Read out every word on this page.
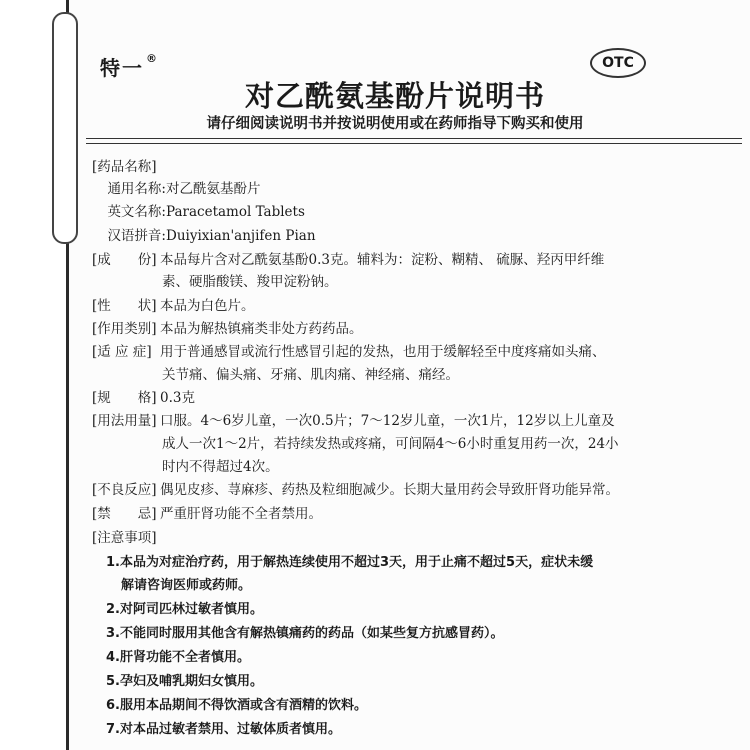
特一 ®	OTC
对乙酰氨基酚片说明书
请仔细阅读说明书并按说明使用或在药师指导下购买和使用
[药品名称]
通用名称:对乙酰氨基酚片
英文名称:Paracetamol Tablets
汉语拼音:Duiyixian'anjifen Pian
[成　　份] 本品每片含对乙酰氨基酚0.3克。辅料为：淀粉、糊精、 硫脲、羟丙甲纤维
素、硬脂酸镁、羧甲淀粉钠。
[性　　状] 本品为白色片。
[作用类别] 本品为解热镇痛类非处方药药品。
[适 应 症] 用于普通感冒或流行性感冒引起的发热，也用于缓解轻至中度疼痛如头痛、
关节痛、偏头痛、牙痛、肌肉痛、神经痛、痛经。
[规　　格] 0.3克
[用法用量] 口服。4～6岁儿童，一次0.5片；7～12岁儿童，一次1片，12岁以上儿童及
成人一次1～2片，若持续发热或疼痛，可间隔4～6小时重复用药一次，24小
时内不得超过4次。
[不良反应] 偶见皮疹、荨麻疹、药热及粒细胞减少。长期大量用药会导致肝肾功能异常。
[禁　　忌] 严重肝肾功能不全者禁用。
[注意事项]
1.本品为对症治疗药，用于解热连续使用不超过3天，用于止痛不超过5天，症状未缓
解请咨询医师或药师。
2.对阿司匹林过敏者慎用。
3.不能同时服用其他含有解热镇痛药的药品（如某些复方抗感冒药）。
4.肝肾功能不全者慎用。
5.孕妇及哺乳期妇女慎用。
6.服用本品期间不得饮酒或含有酒精的饮料。
7.对本品过敏者禁用、过敏体质者慎用。
